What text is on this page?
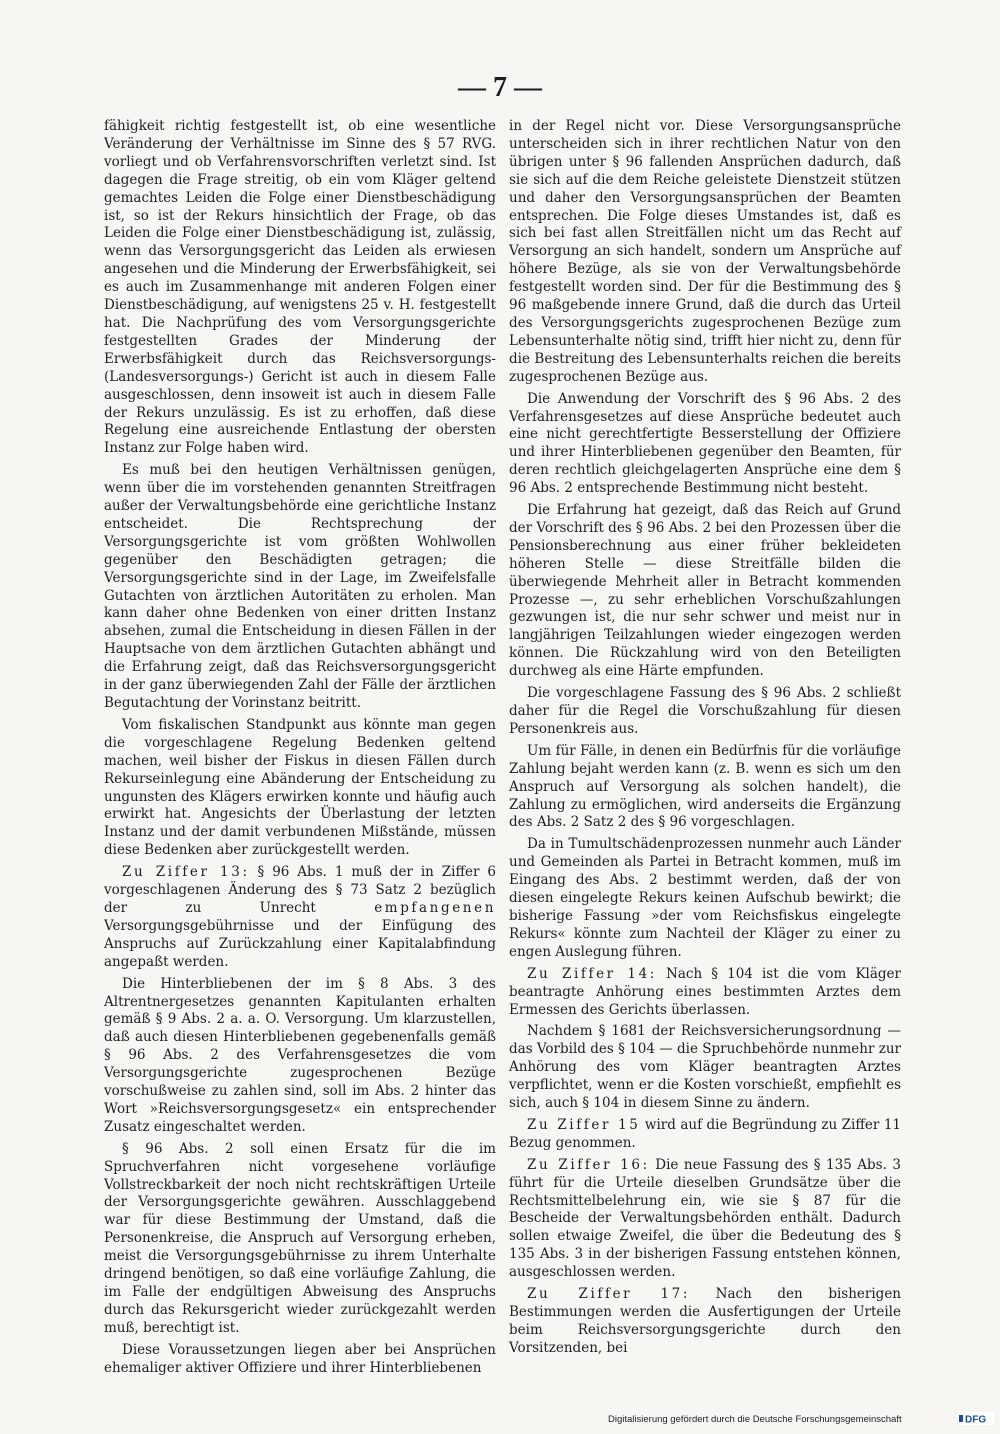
— 7 —

fähigkeit richtig festgestellt ist, ob eine wesentliche Veränderung der Verhältnisse im Sinne des § 57 RVG. vorliegt und ob Verfahrensvorschriften verletzt sind. Ist dagegen die Frage streitig, ob ein vom Kläger geltend gemachtes Leiden die Folge einer Dienstbeschädigung ist, so ist der Rekurs hinsichtlich der Frage, ob das Leiden die Folge einer Dienstbeschädigung ist, zulässig, wenn das Versorgungsgericht das Leiden als erwiesen angesehen und die Minderung der Erwerbsfähigkeit, sei es auch im Zusammenhange mit anderen Folgen einer Dienstbeschädigung, auf wenigstens 25 v. H. festgestellt hat. Die Nachprüfung des vom Versorgungsgerichte festgestellten Grades der Minderung der Erwerbsfähigkeit durch das Reichsversorgungs- (Landesversorgungs-) Gericht ist auch in diesem Falle ausgeschlossen, denn insoweit ist auch in diesem Falle der Rekurs unzulässig. Es ist zu erhoffen, daß diese Regelung eine ausreichende Entlastung der obersten Instanz zur Folge haben wird.

Es muß bei den heutigen Verhältnissen genügen, wenn über die im vorstehenden genannten Streitfragen außer der Verwaltungsbehörde eine gerichtliche Instanz entscheidet. Die Rechtsprechung der Versorgungsgerichte ist vom größten Wohlwollen gegenüber den Beschädigten getragen; die Versorgungsgerichte sind in der Lage, im Zweifelsfalle Gutachten von ärztlichen Autoritäten zu erholen. Man kann daher ohne Bedenken von einer dritten Instanz absehen, zumal die Entscheidung in diesen Fällen in der Hauptsache von dem ärztlichen Gutachten abhängt und die Erfahrung zeigt, daß das Reichsversorgungsgericht in der ganz überwiegenden Zahl der Fälle der ärztlichen Begutachtung der Vorinstanz beitritt.

Vom fiskalischen Standpunkt aus könnte man gegen die vorgeschlagene Regelung Bedenken geltend machen, weil bisher der Fiskus in diesen Fällen durch Rekurseinlegung eine Abänderung der Entscheidung zu ungunsten des Klägers erwirken konnte und häufig auch erwirkt hat. Angesichts der Überlastung der letzten Instanz und der damit verbundenen Mißstände, müssen diese Bedenken aber zurückgestellt werden.

Zu Ziffer 13: § 96 Abs. 1 muß der in Ziffer 6 vorgeschlagenen Änderung des § 73 Satz 2 bezüglich der zu Unrecht	empfangenen Versorgungsgebührnisse und der Einfügung des Anspruchs auf Zurückzahlung einer Kapitalabfindung angepaßt werden.

Die Hinterbliebenen der im § 8 Abs. 3 des Altrentnergesetzes genannten Kapitulanten erhalten gemäß § 9 Abs. 2 a. a. O. Versorgung. Um klarzustellen, daß auch diesen Hinterbliebenen gegebenenfalls gemäß § 96 Abs. 2 des Verfahrensgesetzes die vom Versorgungsgerichte zugesprochenen Bezüge vorschußweise zu zahlen sind, soll im Abs. 2 hinter das Wort »Reichsversorgungsgesetz« ein entsprechender Zusatz eingeschaltet werden.

§ 96 Abs. 2 soll einen Ersatz für die im Spruchverfahren nicht vorgesehene vorläufige Vollstreckbarkeit der noch nicht rechtskräftigen Urteile der Versorgungsgerichte gewähren. Ausschlaggebend war für diese Bestimmung der Umstand, daß die Personenkreise, die Anspruch auf Versorgung erheben, meist die Versorgungsgebührnisse zu ihrem Unterhalte dringend benötigen, so daß eine vorläufige Zahlung, die im Falle der endgültigen Abweisung des Anspruchs durch das Rekursgericht wieder zurückgezahlt werden muß, berechtigt ist.

Diese Voraussetzungen liegen aber bei Ansprüchen ehemaliger aktiver Offiziere und ihrer Hinterbliebenen

in der Regel nicht vor. Diese Versorgungsansprüche unterscheiden sich in ihrer rechtlichen Natur von den übrigen unter § 96 fallenden Ansprüchen dadurch, daß sie sich auf die dem Reiche geleistete Dienstzeit stützen und daher den Versorgungsansprüchen der Beamten entsprechen. Die Folge dieses Umstandes ist, daß es sich bei fast allen Streitfällen nicht um das Recht auf Versorgung an sich handelt, sondern um Ansprüche auf höhere Bezüge, als sie von der Verwaltungsbehörde festgestellt worden sind. Der für die Bestimmung des § 96 maßgebende innere Grund, daß die durch das Urteil des Versorgungsgerichts zugesprochenen Bezüge zum Lebensunterhalte nötig sind, trifft hier nicht zu, denn für die Bestreitung des Lebensunterhalts reichen die bereits zugesprochenen Bezüge aus.

Die Anwendung der Vorschrift des § 96 Abs. 2 des Verfahrensgesetzes auf diese Ansprüche bedeutet auch eine nicht gerechtfertigte Besserstellung der Offiziere und ihrer Hinterbliebenen gegenüber den Beamten, für deren rechtlich gleichgelagerten Ansprüche eine dem § 96 Abs. 2 entsprechende Bestimmung nicht besteht.

Die Erfahrung hat gezeigt, daß das Reich auf Grund der Vorschrift des § 96 Abs. 2 bei den Prozessen über die Pensionsberechnung aus einer früher bekleideten höheren Stelle — diese Streitfälle bilden die überwiegende Mehrheit aller in Betracht kommenden Prozesse —, zu sehr erheblichen Vorschußzahlungen gezwungen ist, die nur sehr schwer und meist nur in langjährigen Teilzahlungen wieder eingezogen werden können. Die Rückzahlung wird von den Beteiligten durchweg als eine Härte empfunden.

Die vorgeschlagene Fassung des § 96 Abs. 2 schließt daher für die Regel die Vorschußzahlung für diesen Personenkreis aus.

Um für Fälle, in denen ein Bedürfnis für die vorläufige Zahlung bejaht werden kann (z. B. wenn es sich um den Anspruch auf Versorgung als solchen handelt), die Zahlung zu ermöglichen, wird anderseits die Ergänzung des Abs. 2 Satz 2 des § 96 vorgeschlagen.

Da in Tumultschädenprozessen nunmehr auch Länder und Gemeinden als Partei in Betracht kommen, muß im Eingang des Abs. 2 bestimmt werden, daß der von diesen eingelegte Rekurs keinen Aufschub bewirkt; die bisherige Fassung »der vom Reichsfiskus eingelegte Rekurs« könnte zum Nachteil der Kläger zu einer zu engen Auslegung führen.

Zu Ziffer 14: Nach § 104 ist die vom Kläger beantragte Anhörung eines bestimmten Arztes dem Ermessen des Gerichts überlassen.

Nachdem § 1681 der Reichsversicherungsordnung — das Vorbild des § 104 — die Spruchbehörde nunmehr zur Anhörung des vom Kläger beantragten Arztes verpflichtet, wenn er die Kosten vorschießt, empfiehlt es sich, auch § 104 in diesem Sinne zu ändern.

Zu Ziffer 15 wird auf die Begründung zu Ziffer 11 Bezug genommen.

Zu Ziffer 16: Die neue Fassung des § 135 Abs. 3 führt für die Urteile dieselben Grundsätze über die Rechtsmittelbelehrung ein, wie sie § 87 für die Bescheide der Verwaltungsbehörden enthält. Dadurch sollen etwaige Zweifel, die über die Bedeutung des § 135 Abs. 3 in der bisherigen Fassung entstehen können, ausgeschlossen werden.

Zu Ziffer 17: Nach den bisherigen Bestimmungen werden die Ausfertigungen der Urteile beim Reichsversorgungsgerichte durch den Vorsitzenden, bei

Digitalisierung gefördert durch die Deutsche Forschungsgemeinschaft	DFG
